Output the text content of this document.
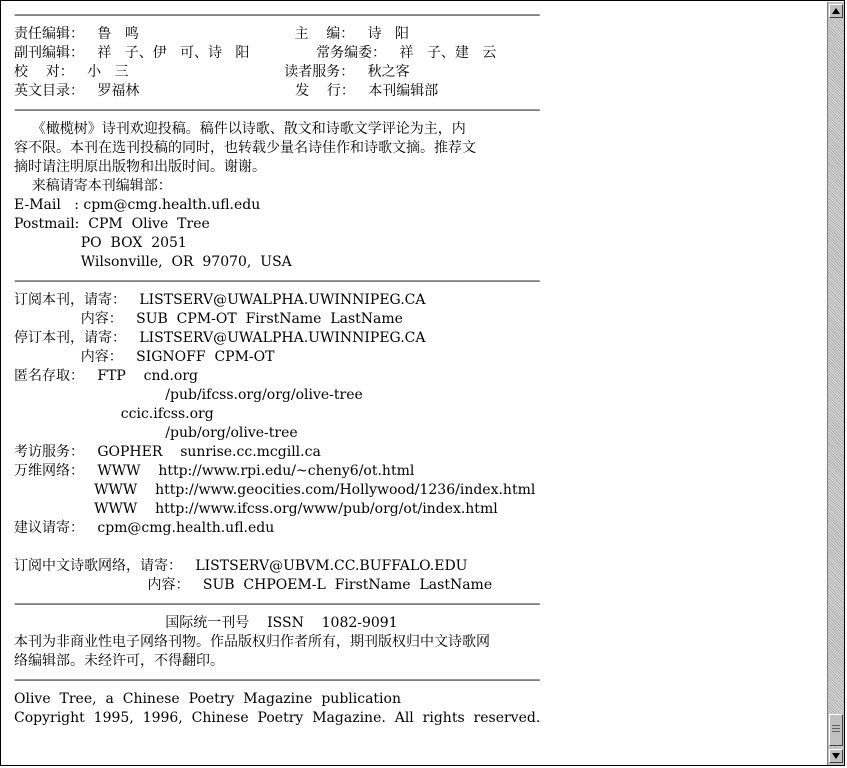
——————————————————————————————————————————
责任编辑：   鲁   鸣                                   主    编：   诗   阳
副刊编辑：   祥   子、伊   可、诗   阳               常务编委：   祥   子、建   云
校    对：   小   三                                   读者服务：   秋之客
英文目录：   罗福林                                   发    行：   本刊编辑部
——————————————————————————————————————————
《橄榄树》诗刊欢迎投稿。稿件以诗歌、散文和诗歌文学评论为主，内
容不限。本刊在选刊投稿的同时，也转载少量名诗佳作和诗歌文摘。推荐文
摘时请注明原出版物和出版时间。谢谢。
来稿请寄本刊编辑部：
E-Mail   : cpm@cmg.health.ufl.edu
Postmail:  CPM  Olive  Tree
PO  BOX  2051
Wilsonville,  OR  97070,  USA
——————————————————————————————————————————
订阅本刊，请寄：   LISTSERV@UWALPHA.UWINNIPEG.CA
内容：   SUB  CPM-OT  FirstName  LastName
停订本刊，请寄：   LISTSERV@UWALPHA.UWINNIPEG.CA
内容：   SIGNOFF  CPM-OT
匿名存取：   FTP    cnd.org
/pub/ifcss.org/org/olive-tree
ccic.ifcss.org
/pub/org/olive-tree
考访服务：   GOPHER    sunrise.cc.mcgill.ca
万维网络：   WWW    http://www.rpi.edu/~cheny6/ot.html
WWW    http://www.geocities.com/Hollywood/1236/index.html
WWW    http://www.ifcss.org/www/pub/org/ot/index.html
建议请寄：   cpm@cmg.health.ufl.edu
订阅中文诗歌网络，请寄：   LISTSERV@UBVM.CC.BUFFALO.EDU
内容：   SUB  CHPOEM-L  FirstName  LastName
——————————————————————————————————————————
国际统一刊号    ISSN    1082-9091
本刊为非商业性电子网络刊物。作品版权归作者所有，期刊版权归中文诗歌网
络编辑部。未经许可，不得翻印。
——————————————————————————————————————————
Olive  Tree,  a  Chinese  Poetry  Magazine  publication
Copyright  1995,  1996,  Chinese  Poetry  Magazine.  All  rights  reserved.
